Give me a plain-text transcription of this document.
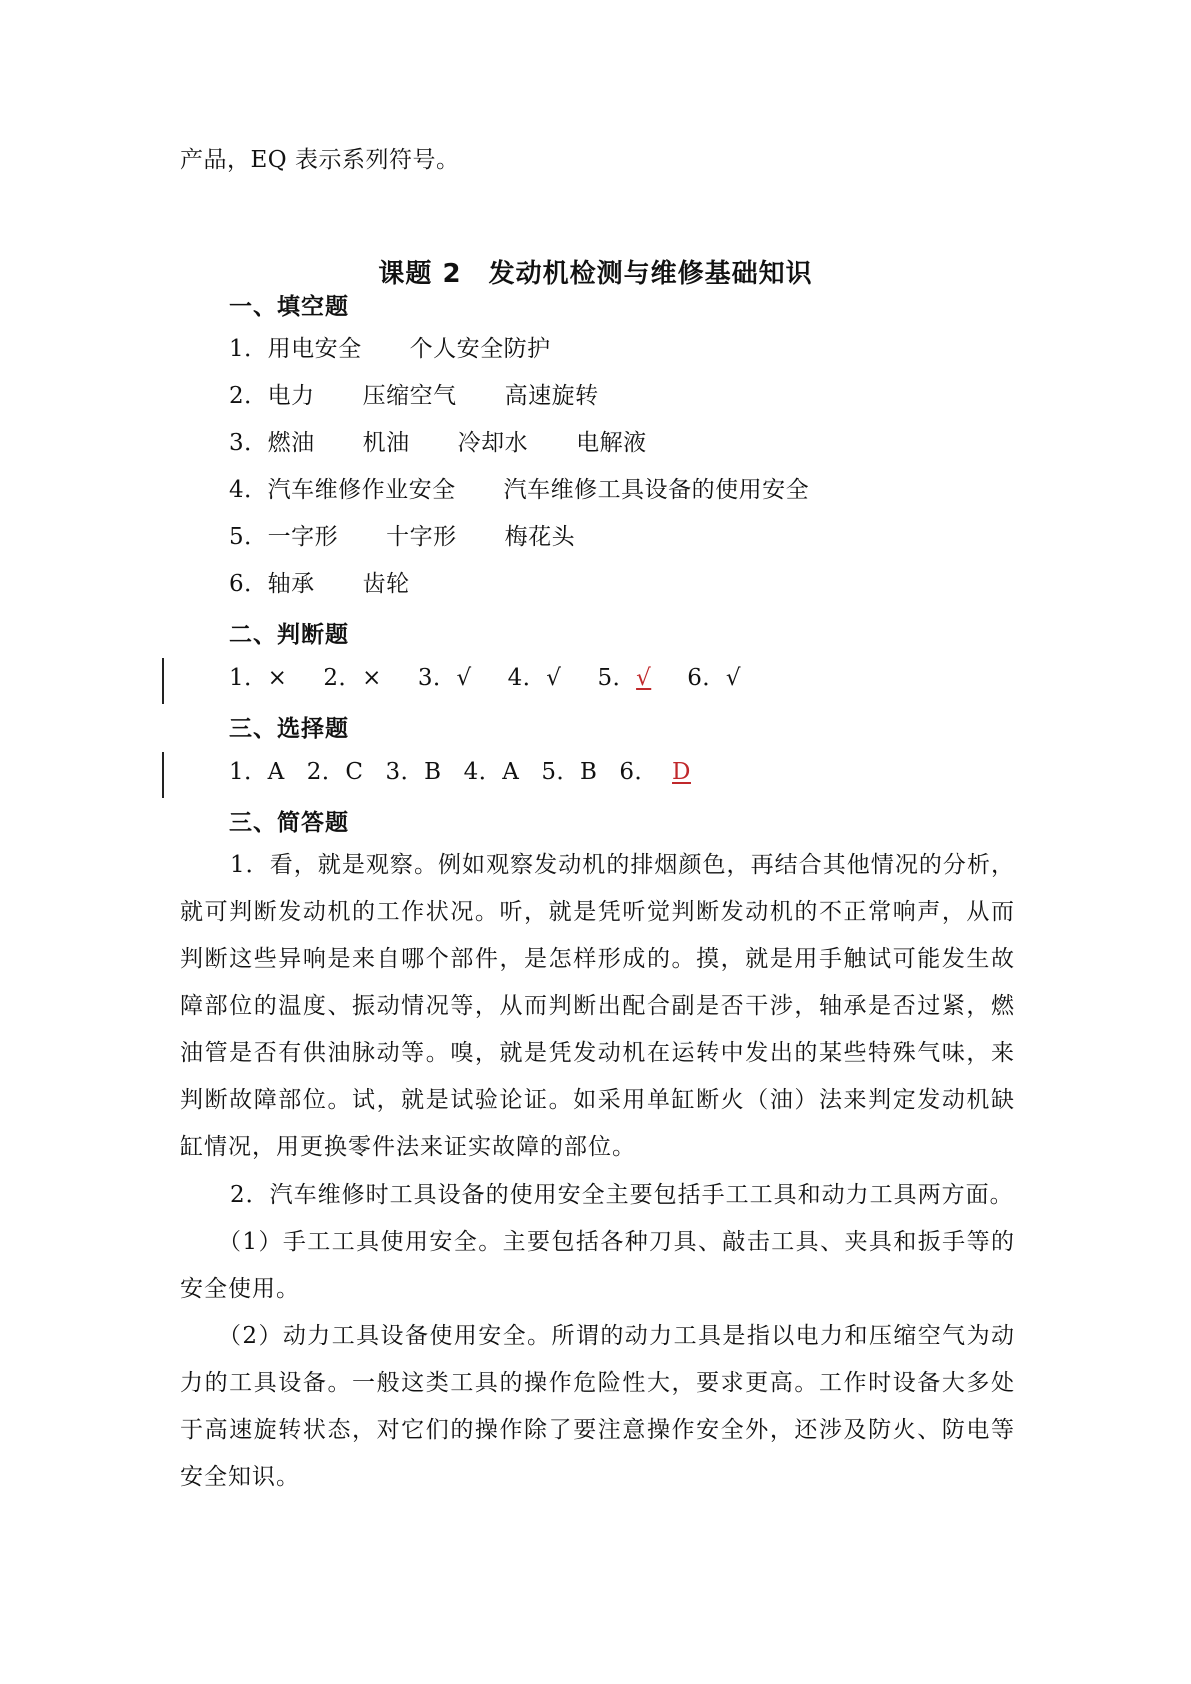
产品，EQ 表示系列符号。
课题 2　发动机检测与维修基础知识
一、填空题
1．用电安全 个人安全防护
2．电力 压缩空气 高速旋转
3．燃油 机油 冷却水 电解液
4．汽车维修作业安全 汽车维修工具设备的使用安全
5．一字形 十字形 梅花头
6．轴承 齿轮
二、判断题
1．× 2．× 3．√ 4．√ 5．√ 6．√
三、选择题
1．A 2．C 3．B 4．A 5．B 6． D
三、简答题
1．看，就是观察。例如观察发动机的排烟颜色，再结合其他情况的分析，就可判断发动机的工作状况。听，就是凭听觉判断发动机的不正常响声，从而判断这些异响是来自哪个部件，是怎样形成的。摸，就是用手触试可能发生故障部位的温度、振动情况等，从而判断出配合副是否干涉，轴承是否过紧，燃油管是否有供油脉动等。嗅，就是凭发动机在运转中发出的某些特殊气味，来判断故障部位。试，就是试验论证。如采用单缸断火（油）法来判定发动机缺缸情况，用更换零件法来证实故障的部位。
2．汽车维修时工具设备的使用安全主要包括手工工具和动力工具两方面。
（1）手工工具使用安全。主要包括各种刀具、敲击工具、夹具和扳手等的安全使用。
（2）动力工具设备使用安全。所谓的动力工具是指以电力和压缩空气为动力的工具设备。一般这类工具的操作危险性大，要求更高。工作时设备大多处于高速旋转状态，对它们的操作除了要注意操作安全外，还涉及防火、防电等安全知识。
